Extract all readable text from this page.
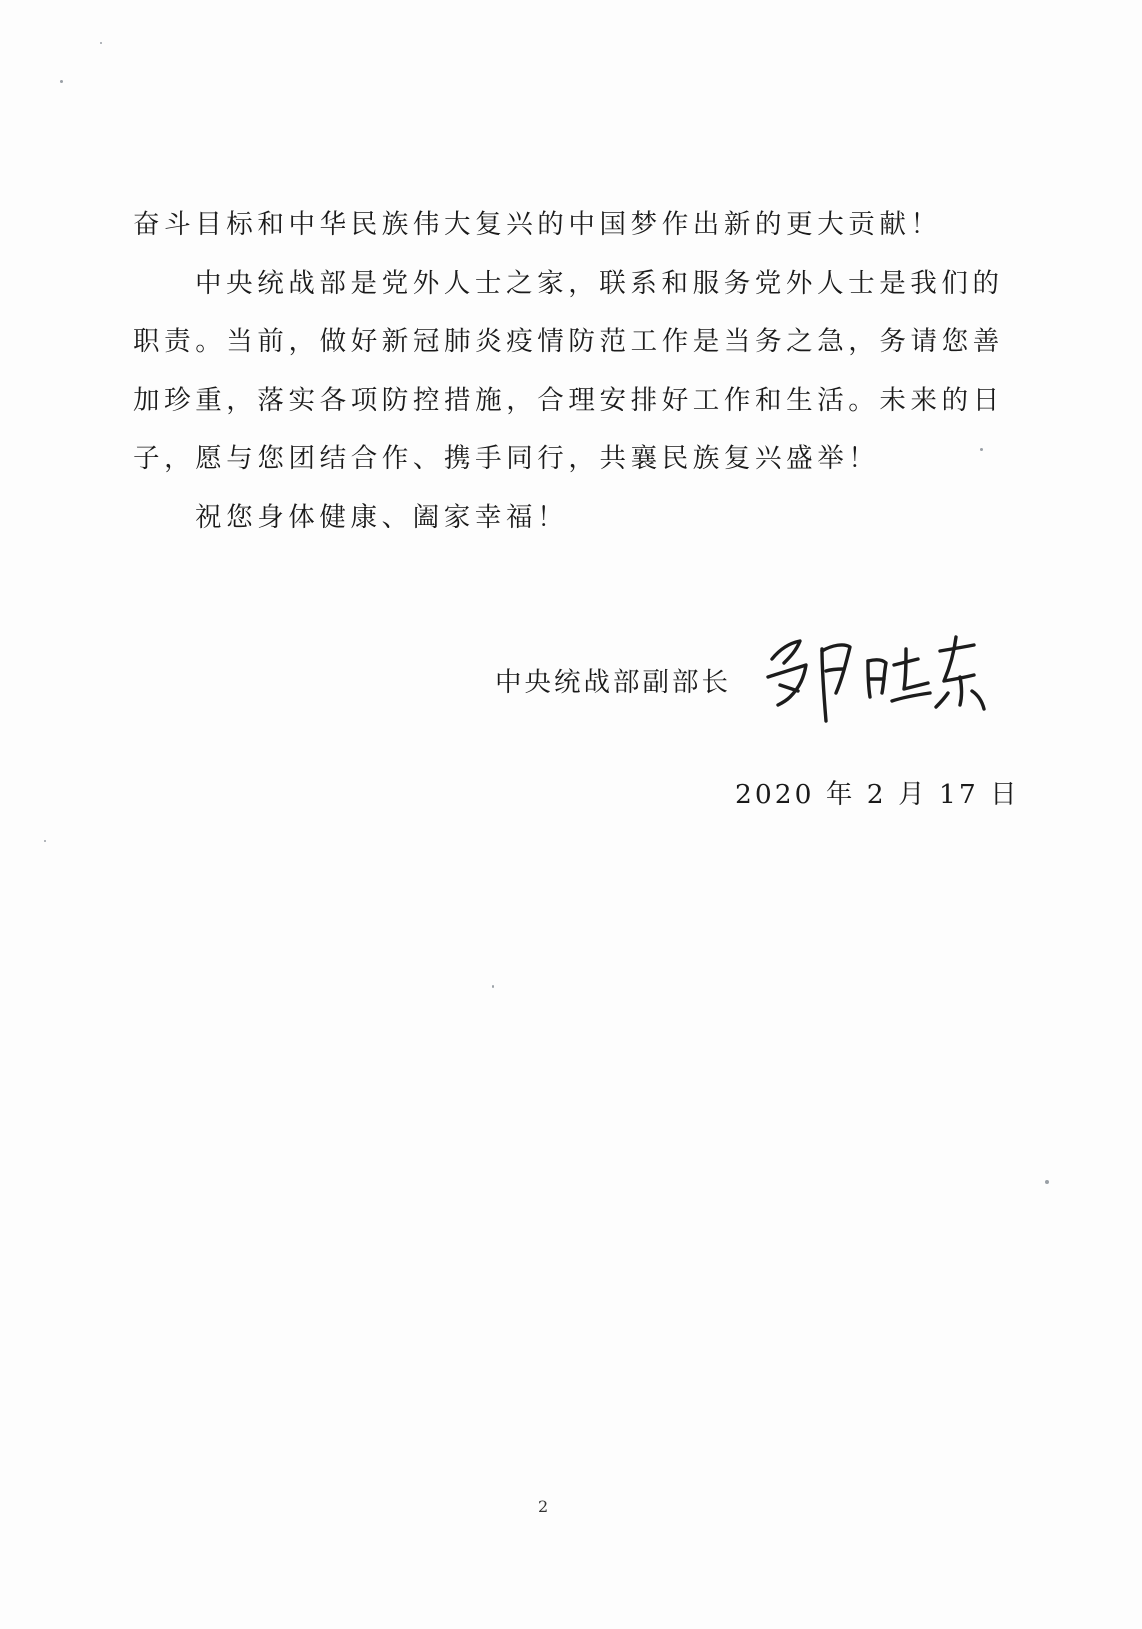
奋斗目标和中华民族伟大复兴的中国梦作出新的更大贡献！
中央统战部是党外人士之家，联系和服务党外人士是我们的
职责。当前，做好新冠肺炎疫情防范工作是当务之急，务请您善
加珍重，落实各项防控措施，合理安排好工作和生活。未来的日
子，愿与您团结合作、携手同行，共襄民族复兴盛举！
祝您身体健康、阖家幸福！
中央统战部副部长
2020 年 2 月 17 日
2
